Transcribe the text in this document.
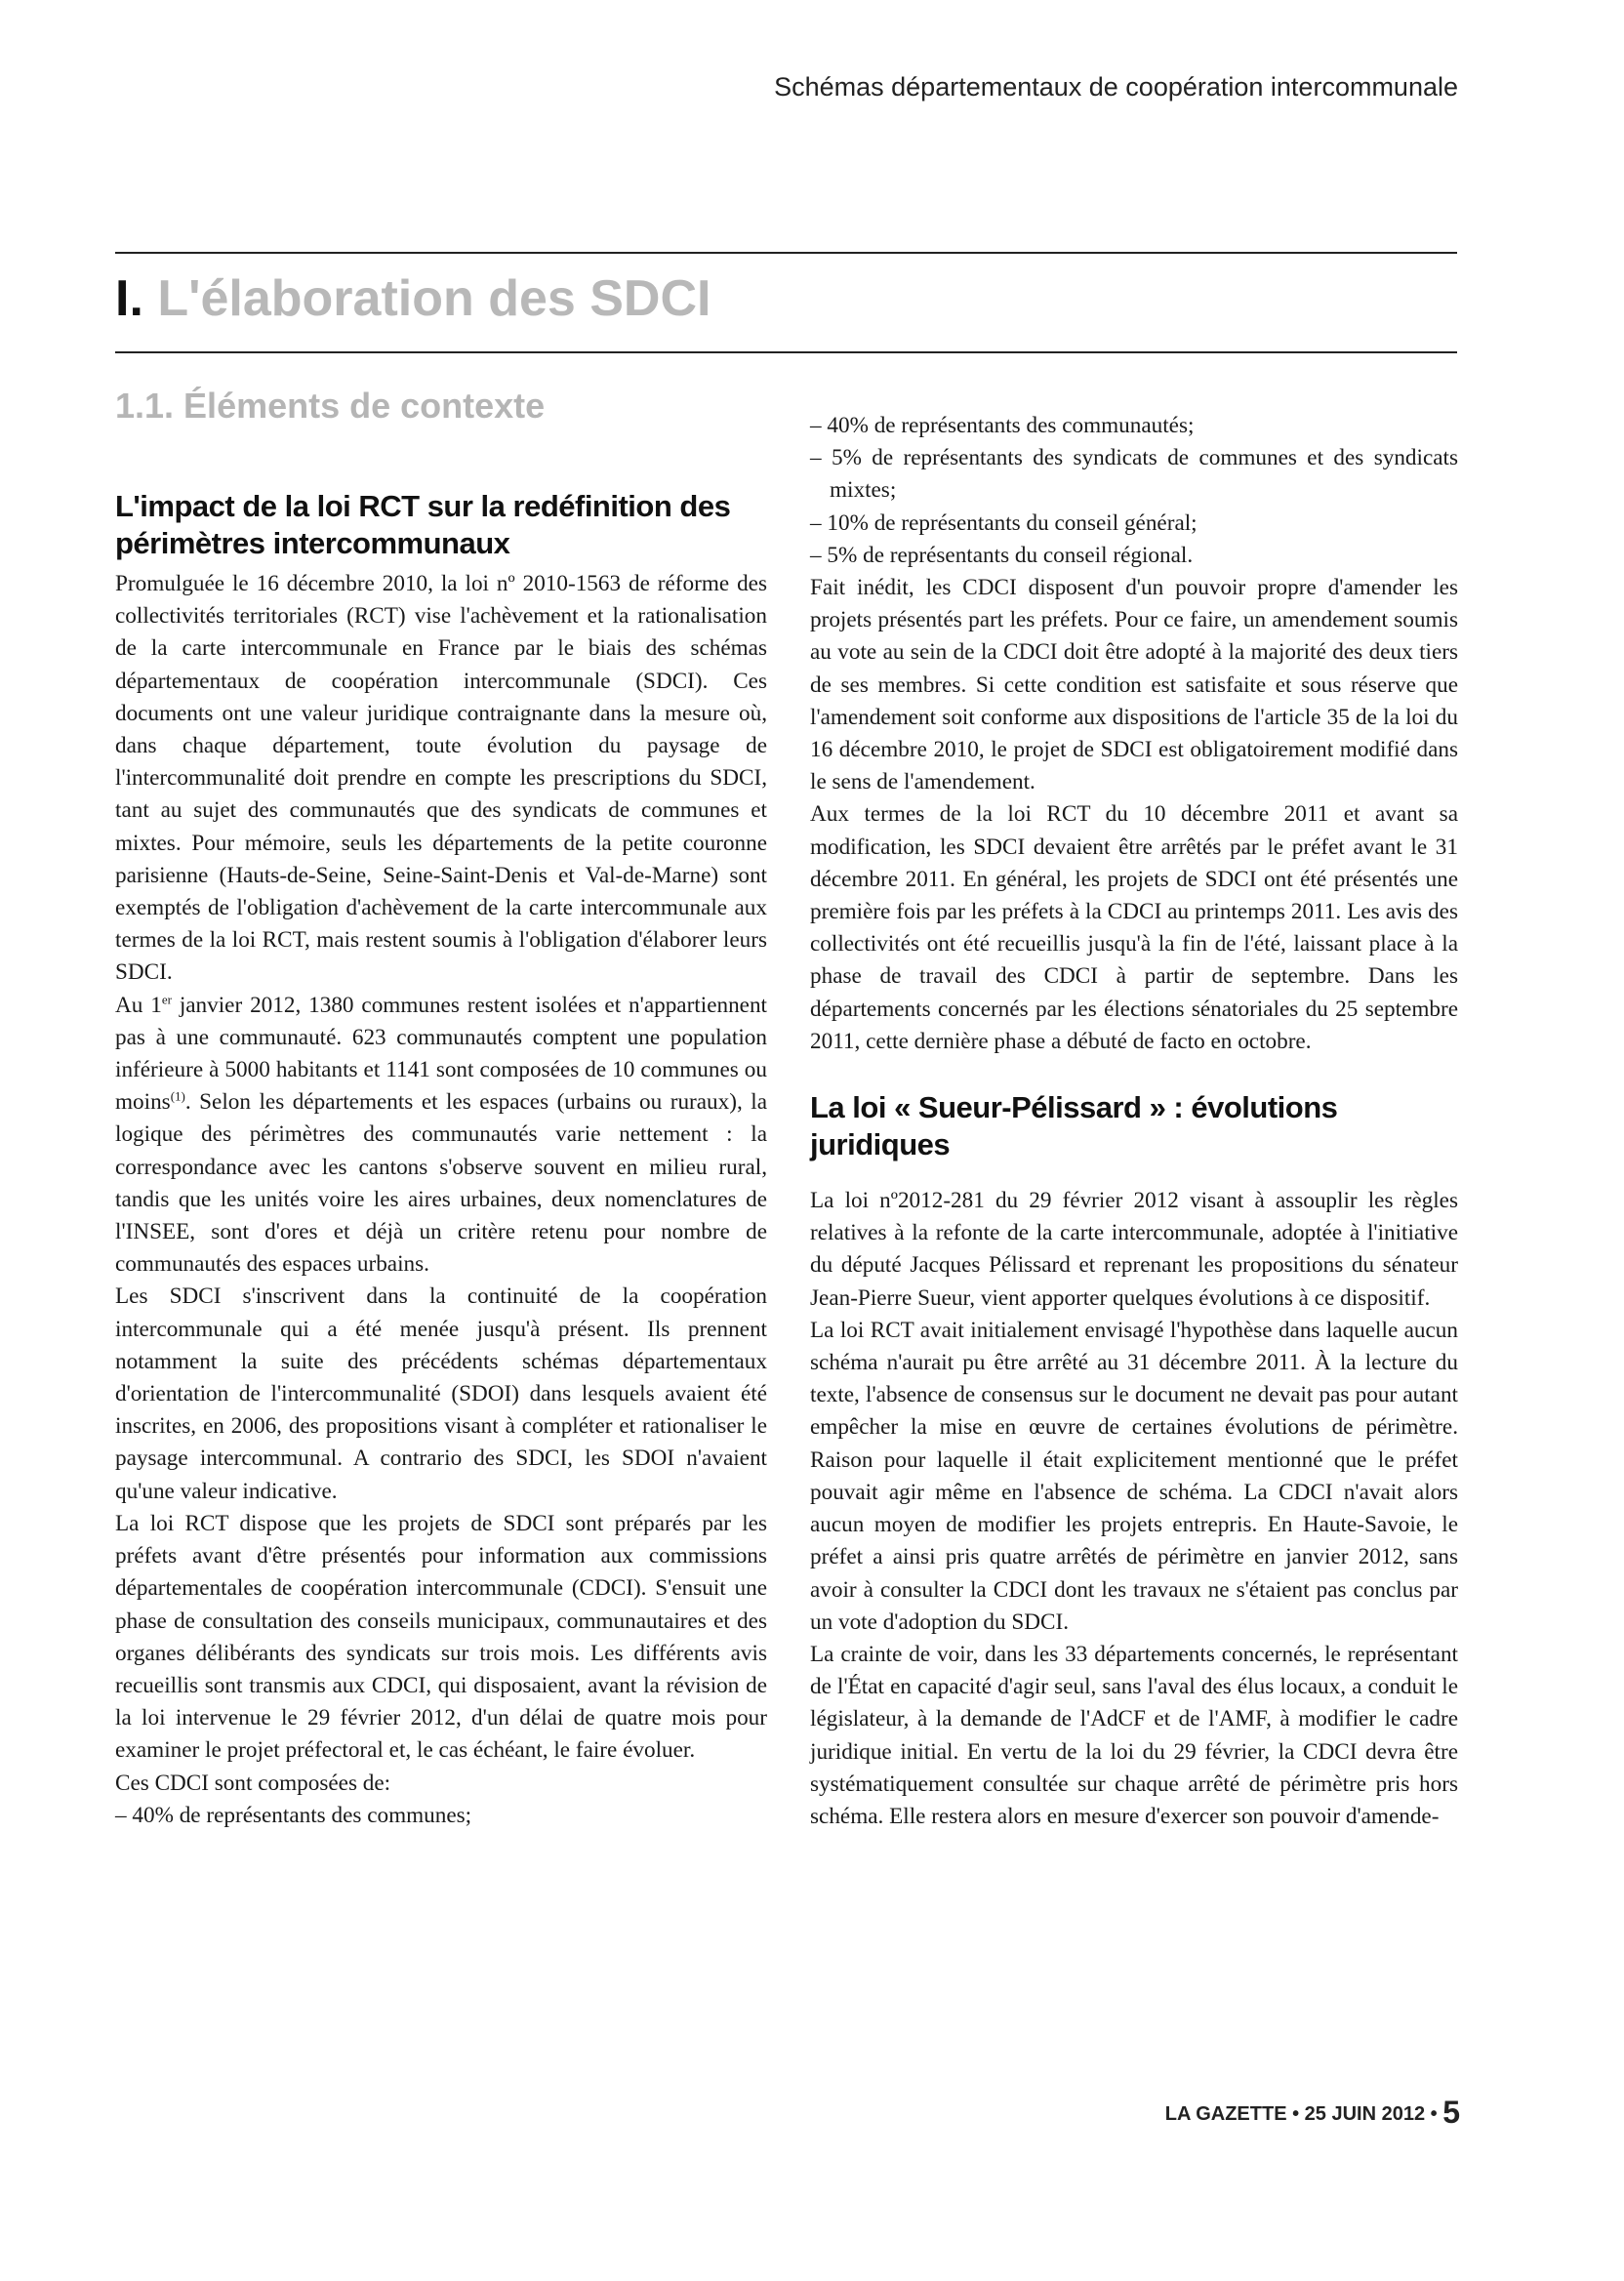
Schémas départementaux de coopération intercommunale
I. L'élaboration des SDCI
1.1. Éléments de contexte
L'impact de la loi RCT sur la redéfinition des périmètres intercommunaux

Promulguée le 16 décembre 2010, la loi nº 2010-1563 de réforme des collectivités territoriales (RCT) vise l'achèvement et la rationalisation de la carte intercommunale en France par le biais des schémas départementaux de coopération intercommunale (SDCI). Ces documents ont une valeur juridique contraignante dans la mesure où, dans chaque département, toute évolution du paysage de l'intercommunalité doit prendre en compte les prescriptions du SDCI, tant au sujet des communautés que des syndicats de communes et mixtes. Pour mémoire, seuls les départements de la petite couronne parisienne (Hauts-de-Seine, Seine-Saint-Denis et Val-de-Marne) sont exemptés de l'obligation d'achèvement de la carte intercommunale aux termes de la loi RCT, mais restent soumis à l'obligation d'élaborer leurs SDCI.

Au 1er janvier 2012, 1380 communes restent isolées et n'appartiennent pas à une communauté. 623 communautés comptent une population inférieure à 5000 habitants et 1141 sont composées de 10 communes ou moins$^{(1)}$. Selon les départements et les espaces (urbains ou ruraux), la logique des périmètres des communautés varie nettement : la correspondance avec les cantons s'observe souvent en milieu rural, tandis que les unités voire les aires urbaines, deux nomenclatures de l'INSEE, sont d'ores et déjà un critère retenu pour nombre de communautés des espaces urbains.

Les SDCI s'inscrivent dans la continuité de la coopération intercommunale qui a été menée jusqu'à présent. Ils prennent notamment la suite des précédents schémas départementaux d'orientation de l'intercommunalité (SDOI) dans lesquels avaient été inscrites, en 2006, des propositions visant à compléter et rationaliser le paysage intercommunal. A contrario des SDCI, les SDOI n'avaient qu'une valeur indicative.

La loi RCT dispose que les projets de SDCI sont préparés par les préfets avant d'être présentés pour information aux commissions départementales de coopération intercommunale (CDCI). S'ensuit une phase de consultation des conseils municipaux, communautaires et des organes délibérants des syndicats sur trois mois. Les différents avis recueillis sont transmis aux CDCI, qui disposaient, avant la révision de la loi intervenue le 29 février 2012, d'un délai de quatre mois pour examiner le projet préfectoral et, le cas échéant, le faire évoluer.

Ces CDCI sont composées de:

– 40% de représentants des communes;

– 40% de représentants des communautés;

– 5% de représentants des syndicats de communes et des syndicats mixtes;

– 10% de représentants du conseil général;

– 5% de représentants du conseil régional.

Fait inédit, les CDCI disposent d'un pouvoir propre d'amender les projets présentés part les préfets. Pour ce faire, un amendement soumis au vote au sein de la CDCI doit être adopté à la majorité des deux tiers de ses membres. Si cette condition est satisfaite et sous réserve que l'amendement soit conforme aux dispositions de l'article 35 de la loi du 16 décembre 2010, le projet de SDCI est obligatoirement modifié dans le sens de l'amendement.

Aux termes de la loi RCT du 10 décembre 2011 et avant sa modification, les SDCI devaient être arrêtés par le préfet avant le 31 décembre 2011. En général, les projets de SDCI ont été présentés une première fois par les préfets à la CDCI au printemps 2011. Les avis des collectivités ont été recueillis jusqu'à la fin de l'été, laissant place à la phase de travail des CDCI à partir de septembre. Dans les départements concernés par les élections sénatoriales du 25 septembre 2011, cette dernière phase a débuté de facto en octobre.

La loi « Sueur-Pélissard » : évolutions juridiques

La loi nº2012-281 du 29 février 2012 visant à assouplir les règles relatives à la refonte de la carte intercommunale, adoptée à l'initiative du député Jacques Pélissard et reprenant les propositions du sénateur Jean-Pierre Sueur, vient apporter quelques évolutions à ce dispositif.

La loi RCT avait initialement envisagé l'hypothèse dans laquelle aucun schéma n'aurait pu être arrêté au 31 décembre 2011. À la lecture du texte, l'absence de consensus sur le document ne devait pas pour autant empêcher la mise en œuvre de certaines évolutions de périmètre. Raison pour laquelle il était explicitement mentionné que le préfet pouvait agir même en l'absence de schéma. La CDCI n'avait alors aucun moyen de modifier les projets entrepris. En Haute-Savoie, le préfet a ainsi pris quatre arrêtés de périmètre en janvier 2012, sans avoir à consulter la CDCI dont les travaux ne s'étaient pas conclus par un vote d'adoption du SDCI.

La crainte de voir, dans les 33 départements concernés, le représentant de l'État en capacité d'agir seul, sans l'aval des élus locaux, a conduit le législateur, à la demande de l'AdCF et de l'AMF, à modifier le cadre juridique initial. En vertu de la loi du 29 février, la CDCI devra être systématiquement consultée sur chaque arrêté de périmètre pris hors schéma. Elle restera alors en mesure d'exercer son pouvoir d'amende-

LA GAZETTE • 25 JUIN 2012 • 5
